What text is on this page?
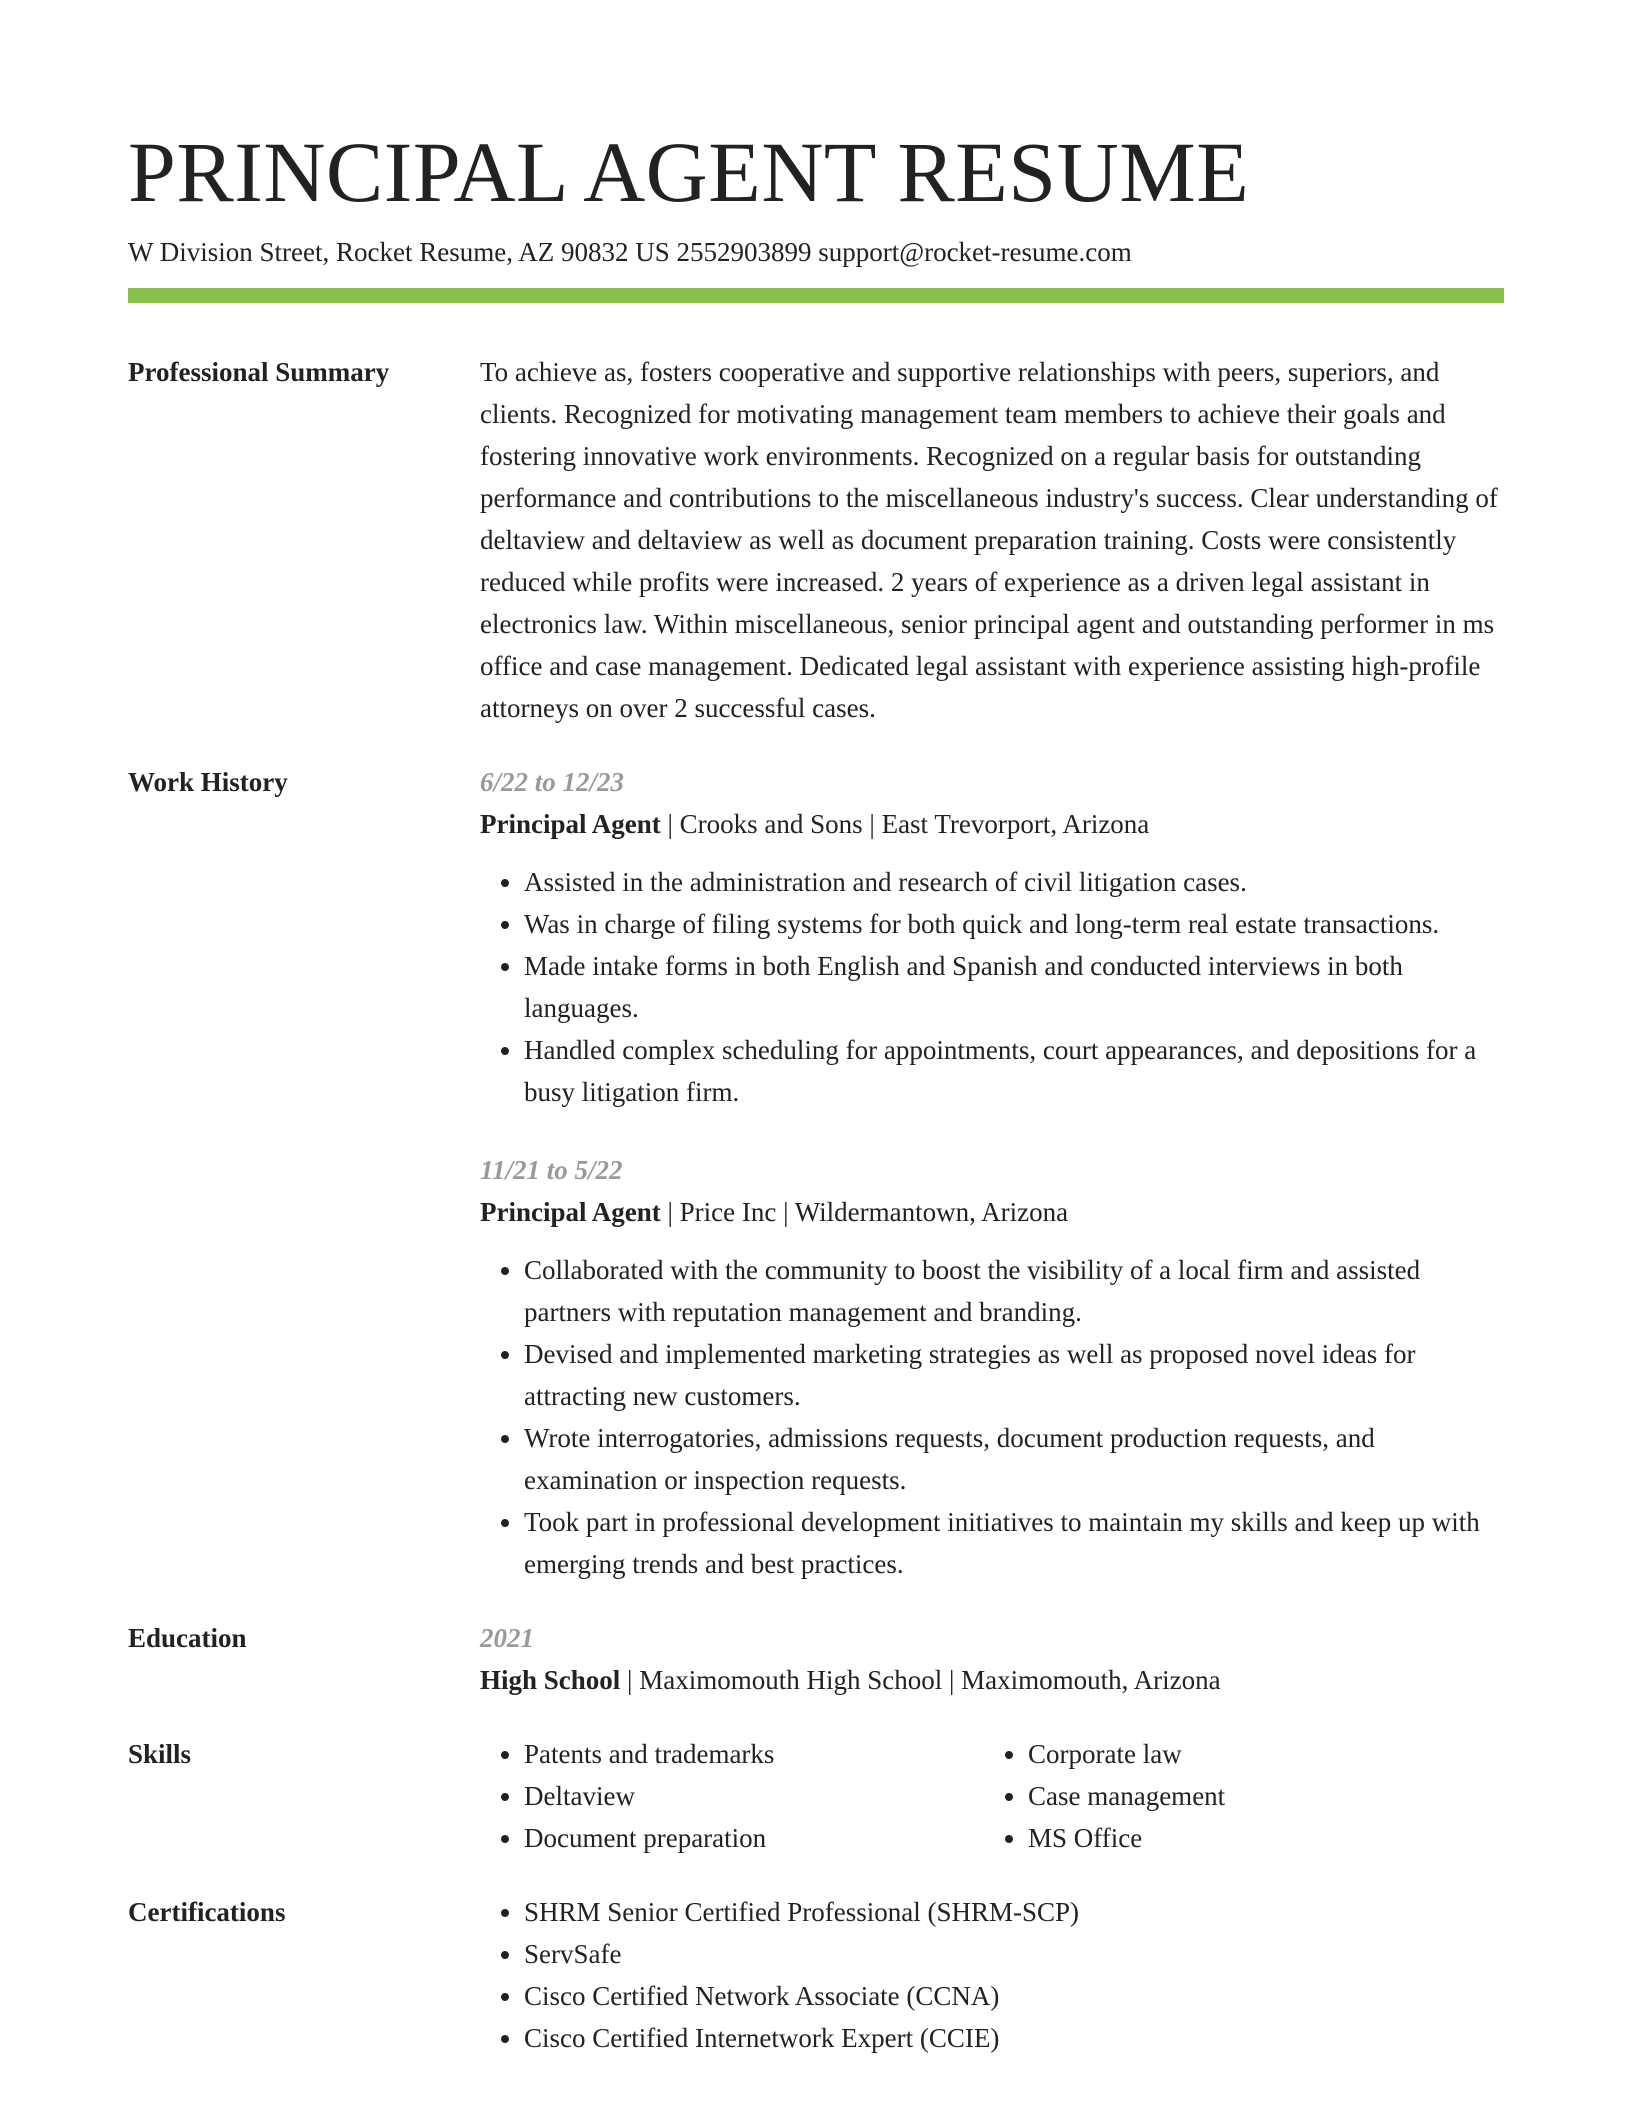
PRINCIPAL AGENT RESUME
W Division Street, Rocket Resume, AZ 90832 US 2552903899 support@rocket-resume.com
Professional Summary	To achieve as, fosters cooperative and supportive relationships with peers, superiors, and clients. Recognized for motivating management team members to achieve their goals and fostering innovative work environments. Recognized on a regular basis for outstanding performance and contributions to the miscellaneous industry's success. Clear understanding of deltaview and deltaview as well as document preparation training. Costs were consistently reduced while profits were increased. 2 years of experience as a driven legal assistant in electronics law. Within miscellaneous, senior principal agent and outstanding performer in ms office and case management. Dedicated legal assistant with experience assisting high-profile attorneys on over 2 successful cases.
Work History	6/22 to 12/23
Principal Agent | Crooks and Sons | East Trevorport, Arizona
• Assisted in the administration and research of civil litigation cases.
• Was in charge of filing systems for both quick and long-term real estate transactions.
• Made intake forms in both English and Spanish and conducted interviews in both languages.
• Handled complex scheduling for appointments, court appearances, and depositions for a busy litigation firm.
11/21 to 5/22
Principal Agent | Price Inc | Wildermantown, Arizona
• Collaborated with the community to boost the visibility of a local firm and assisted partners with reputation management and branding.
• Devised and implemented marketing strategies as well as proposed novel ideas for attracting new customers.
• Wrote interrogatories, admissions requests, document production requests, and examination or inspection requests.
• Took part in professional development initiatives to maintain my skills and keep up with emerging trends and best practices.
Education	2021
High School | Maximomouth High School | Maximomouth, Arizona
Skills	• Patents and trademarks
• Deltaview
• Document preparation
• Corporate law
• Case management
• MS Office
Certifications	• SHRM Senior Certified Professional (SHRM-SCP)
• ServSafe
• Cisco Certified Network Associate (CCNA)
• Cisco Certified Internetwork Expert (CCIE)
